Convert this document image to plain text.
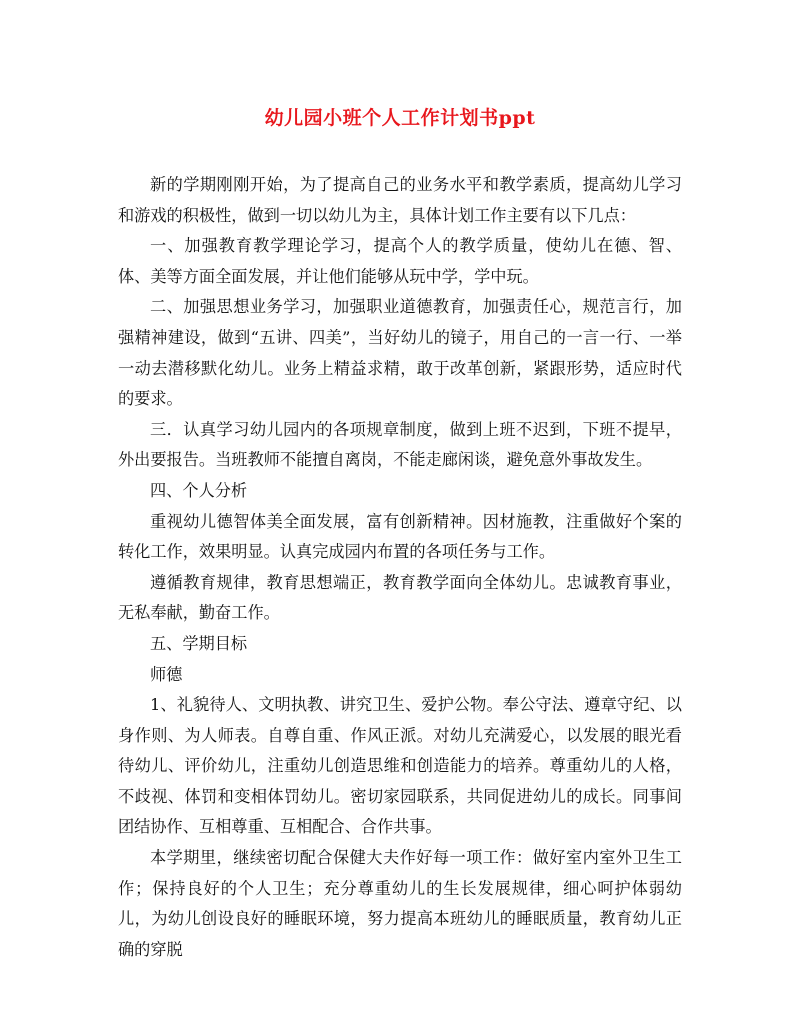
幼儿园小班个人工作计划书ppt

新的学期刚刚开始，为了提高自己的业务水平和教学素质，提高幼儿学习和游戏的积极性，做到一切以幼儿为主，具体计划工作主要有以下几点：

一、加强教育教学理论学习，提高个人的教学质量，使幼儿在德、智、体、美等方面全面发展，并让他们能够从玩中学，学中玩。

二、加强思想业务学习，加强职业道德教育，加强责任心，规范言行，加强精神建设，做到“五讲、四美”，当好幼儿的镜子，用自己的一言一行、一举一动去潜移默化幼儿。业务上精益求精，敢于改革创新，紧跟形势，适应时代的要求。

三．认真学习幼儿园内的各项规章制度，做到上班不迟到，下班不提早，外出要报告。当班教师不能擅自离岗，不能走廊闲谈，避免意外事故发生。

四、个人分析

重视幼儿德智体美全面发展，富有创新精神。因材施教，注重做好个案的转化工作，效果明显。认真完成园内布置的各项任务与工作。

遵循教育规律，教育思想端正，教育教学面向全体幼儿。忠诚教育事业，无私奉献，勤奋工作。

五、学期目标

师德

1、礼貌待人、文明执教、讲究卫生、爱护公物。奉公守法、遵章守纪、以身作则、为人师表。自尊自重、作风正派。对幼儿充满爱心，以发展的眼光看待幼儿、评价幼儿，注重幼儿创造思维和创造能力的培养。尊重幼儿的人格，不歧视、体罚和变相体罚幼儿。密切家园联系，共同促进幼儿的成长。同事间团结协作、互相尊重、互相配合、合作共事。

本学期里，继续密切配合保健大夫作好每一项工作：做好室内室外卫生工作；保持良好的个人卫生；充分尊重幼儿的生长发展规律，细心呵护体弱幼儿，为幼儿创设良好的睡眠环境，努力提高本班幼儿的睡眠质量，教育幼儿正确的穿脱
